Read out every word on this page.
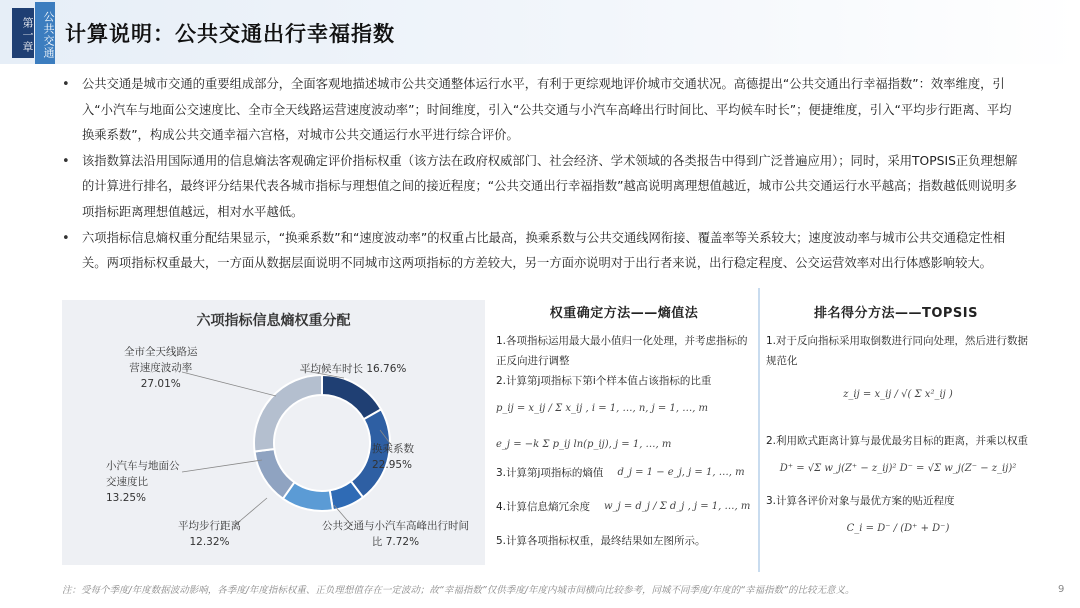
第一章 公共交通 计算说明：公共交通出行幸福指数

• 公共交通是城市交通的重要组成部分，全面客观地描述城市公共交通整体运行水平，有利于更综观地评价城市交通状况。高德提出“公共交通出行幸福指数”：效率维度，引入“小汽车与地面公交速度比、全市全天线路运营速度波动率”；时间维度，引入“公共交通与小汽车高峰出行时间比、平均候车时长”；便捷维度，引入“平均步行距离、平均换乘系数”，构成公共交通幸福六宫格，对城市公共交通运行水平进行综合评价。

• 该指数算法沿用国际通用的信息熵法客观确定评价指标权重（该方法在政府权威部门、社会经济、学术领域的各类报告中得到广泛普遍应用）；同时，采用TOPSIS正负理想解的计算进行排名，最终评分结果代表各城市指标与理想值之间的接近程度；“公共交通出行幸福指数”越高说明离理想值越近，城市公共交通运行水平越高；指数越低则说明多项指标距离理想值越远，相对水平越低。

• 六项指标信息熵权重分配结果显示，“换乘系数”和“速度波动率”的权重占比最高，换乘系数与公共交通线网衔接、覆盖率等关系较大；速度波动率与城市公共交通稳定性相关。两项指标权重最大，一方面从数据层面说明不同城市这两项指标的方差较大，另一方面亦说明对于出行者来说，出行稳定程度、公交运营效率对出行体感影响较大。

六项指标信息熵权重分配
平均候车时长 16.76%
换乘系数
22.95%
公共交通与小汽车高峰出行时间
比 7.72%
平均步行距离
12.32%
小汽车与地面公
交速度比
13.25%
全市全天线路运
营速度波动率
27.01%
权重确定方法——熵值法
1.各项指标运用最大最小值归一化处理，并考虑指标的正反向进行调整
2.计算第j项指标下第i个样本值占该指标的比重
p_ij = x_ij / Σ x_ij , i = 1, …, n, j = 1, …, m
e_j = −k Σ p_ij ln(p_ij), j = 1, …, m
3.计算第j项指标的熵值 d_j = 1 − e_j, j = 1, …, m
4.计算信息熵冗余度 w_j = d_j / Σ d_j , j = 1, …, m
5.计算各项指标权重，最终结果如左图所示。
排名得分方法——TOPSIS
1.对于反向指标采用取倒数进行同向处理，然后进行数据规范化
z_ij = x_ij / √( Σ x²_ij )
2.利用欧式距离计算与最优最劣目标的距离，并乘以权重
D⁺ = √Σ w_j(Z⁺ − z_ij)² D⁻ = √Σ w_j(Z⁻ − z_ij)²
3.计算各评价对象与最优方案的贴近程度
C_i = D⁻ / (D⁺ + D⁻)
注：受每个季度/年度数据波动影响，各季度/年度指标权重、正负理想值存在一定波动；故“幸福指数”仅供季度/年度内城市间横向比较参考，同城不同季度/年度的“幸福指数”的比较无意义。	9
